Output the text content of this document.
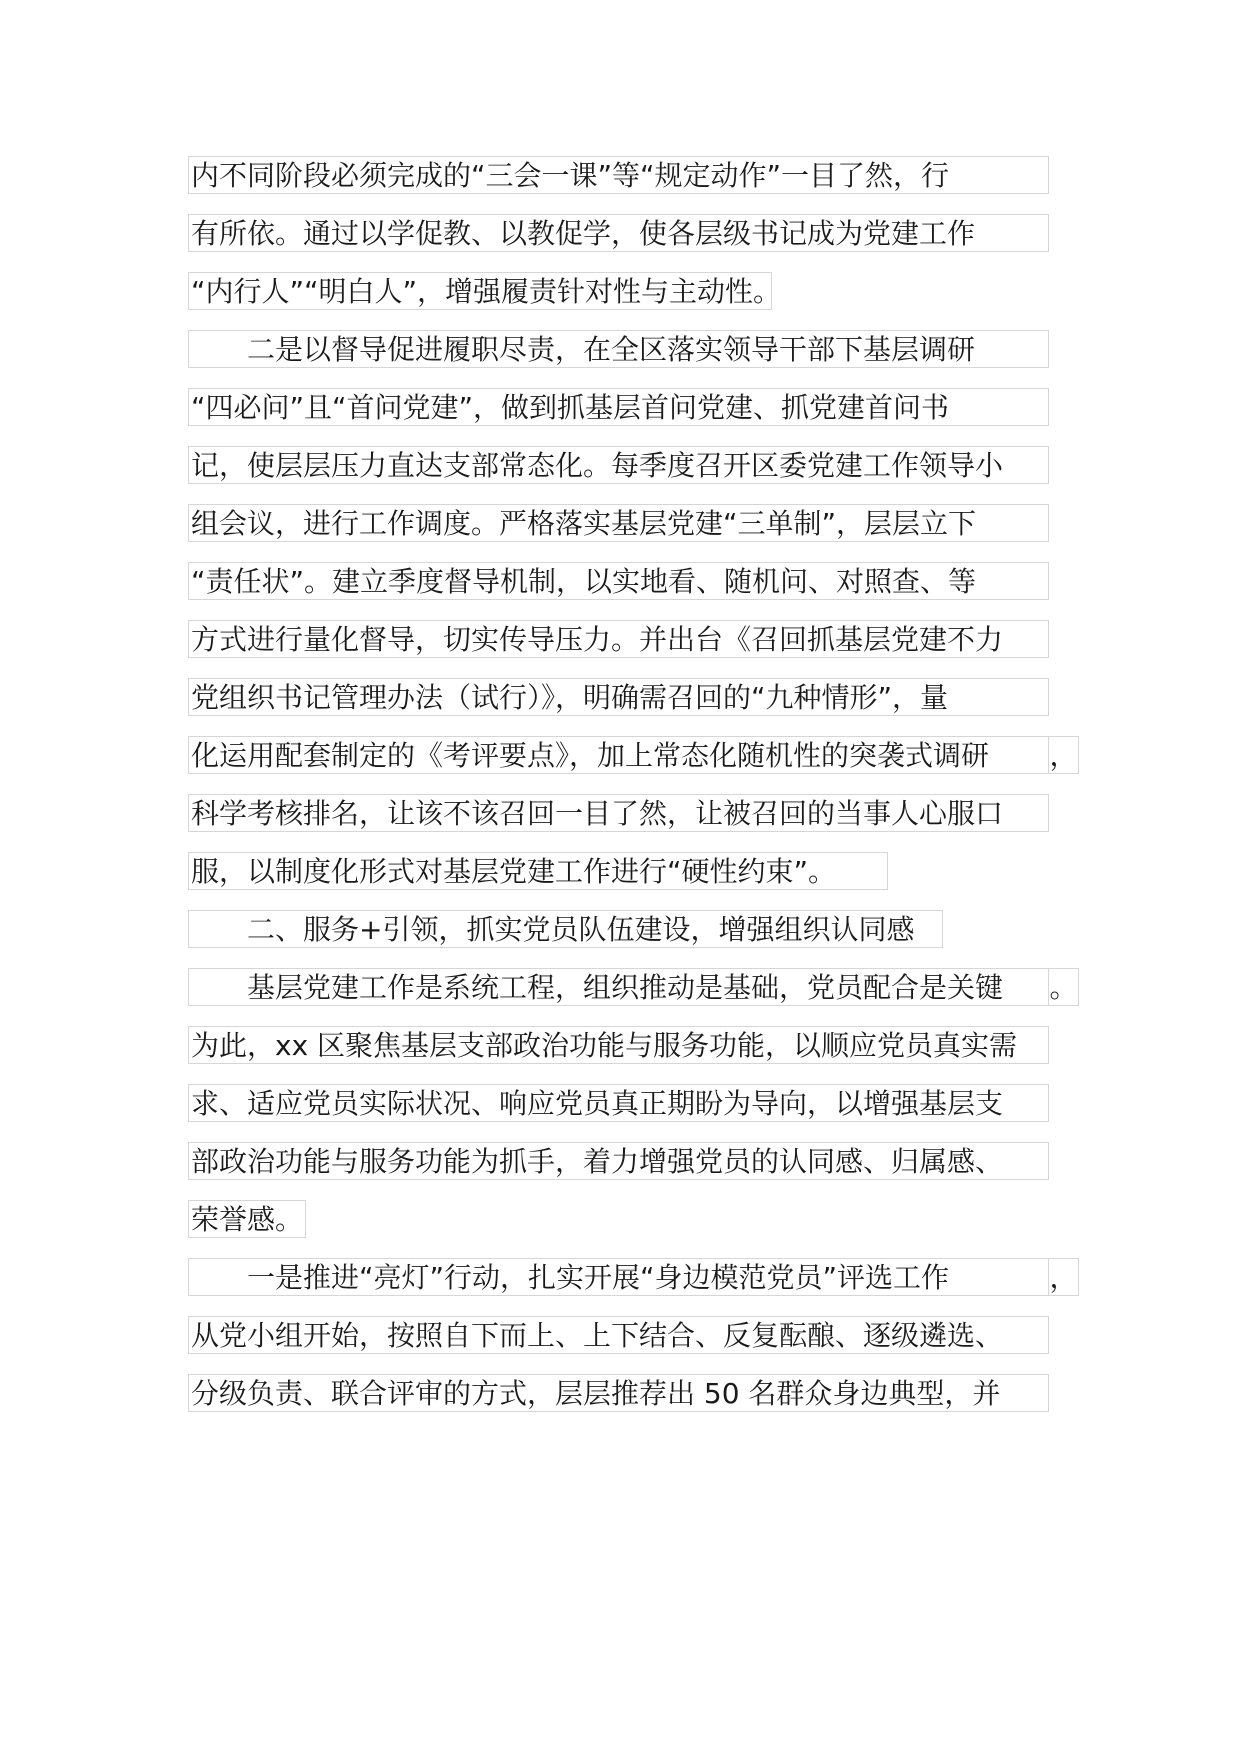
内不同阶段必须完成的“三会一课”等“规定动作”一目了然，行
有所依。通过以学促教、以教促学，使各层级书记成为党建工作
“内行人”“明白人”，增强履责针对性与主动性。
二是以督导促进履职尽责，在全区落实领导干部下基层调研
“四必问”且“首问党建”，做到抓基层首问党建、抓党建首问书
记，使层层压力直达支部常态化。每季度召开区委党建工作领导小
组会议，进行工作调度。严格落实基层党建“三单制”，层层立下
“责任状”。建立季度督导机制，以实地看、随机问、对照查、等
方式进行量化督导，切实传导压力。并出台《召回抓基层党建不力
党组织书记管理办法（试行）》，明确需召回的“九种情形”，量
化运用配套制定的《考评要点》，加上常态化随机性的突袭式调研	，
科学考核排名，让该不该召回一目了然，让被召回的当事人心服口
服，以制度化形式对基层党建工作进行“硬性约束”。
二、服务+引领，抓实党员队伍建设，增强组织认同感
基层党建工作是系统工程，组织推动是基础，党员配合是关键	。
为此，xx 区聚焦基层支部政治功能与服务功能，以顺应党员真实需
求、适应党员实际状况、响应党员真正期盼为导向，以增强基层支
部政治功能与服务功能为抓手，着力增强党员的认同感、归属感、
荣誉感。
一是推进“亮灯”行动，扎实开展“身边模范党员”评选工作	，
从党小组开始，按照自下而上、上下结合、反复酝酿、逐级遴选、
分级负责、联合评审的方式，层层推荐出 50 名群众身边典型，并
